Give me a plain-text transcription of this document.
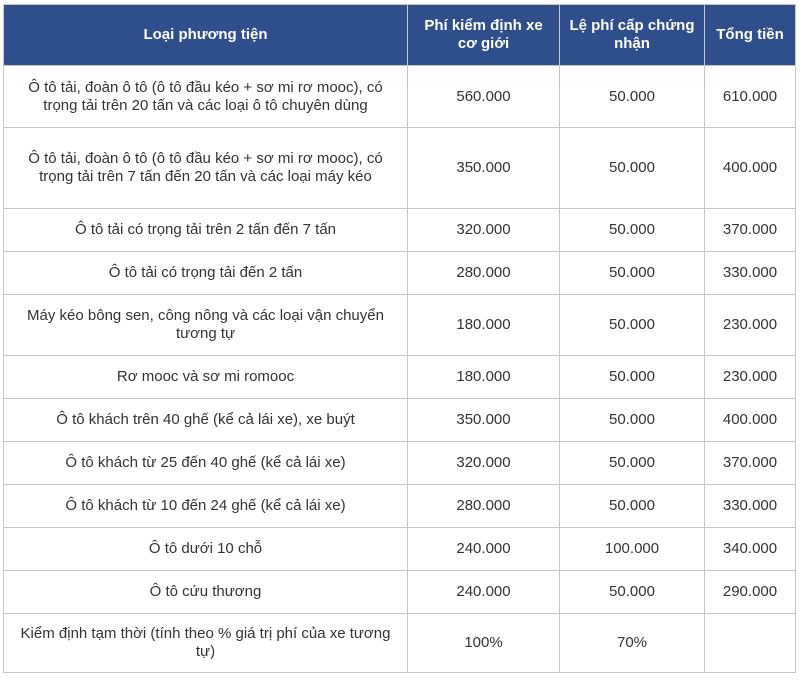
Loại phương tiện	Phí kiểm định xe cơ giới	Lệ phí cấp chứng nhận	Tổng tiền
Ô tô tải, đoàn ô tô (ô tô đầu kéo + sơ mi rơ mooc), có trọng tải trên 20 tấn và các loại ô tô chuyên dùng	560.000	50.000	610.000
Ô tô tải, đoàn ô tô (ô tô đầu kéo + sơ mi rơ mooc), có trọng tải trên 7 tấn đến 20 tấn và các loại máy kéo	350.000	50.000	400.000
Ô tô tải có trọng tải trên 2 tấn đến 7 tấn	320.000	50.000	370.000
Ô tô tải có trọng tải đến 2 tấn	280.000	50.000	330.000
Máy kéo bông sen, công nông và các loại vận chuyển tương tự	180.000	50.000	230.000
Rơ mooc và sơ mi romooc	180.000	50.000	230.000
Ô tô khách trên 40 ghế (kể cả lái xe), xe buýt	350.000	50.000	400.000
Ô tô khách từ 25 đến 40 ghế (kể cả lái xe)	320.000	50.000	370.000
Ô tô khách từ 10 đến 24 ghế (kể cả lái xe)	280.000	50.000	330.000
Ô tô dưới 10 chỗ	240.000	100.000	340.000
Ô tô cứu thương	240.000	50.000	290.000
Kiểm định tạm thời (tính theo % giá trị phí của xe tương tự)	100%	70%	
